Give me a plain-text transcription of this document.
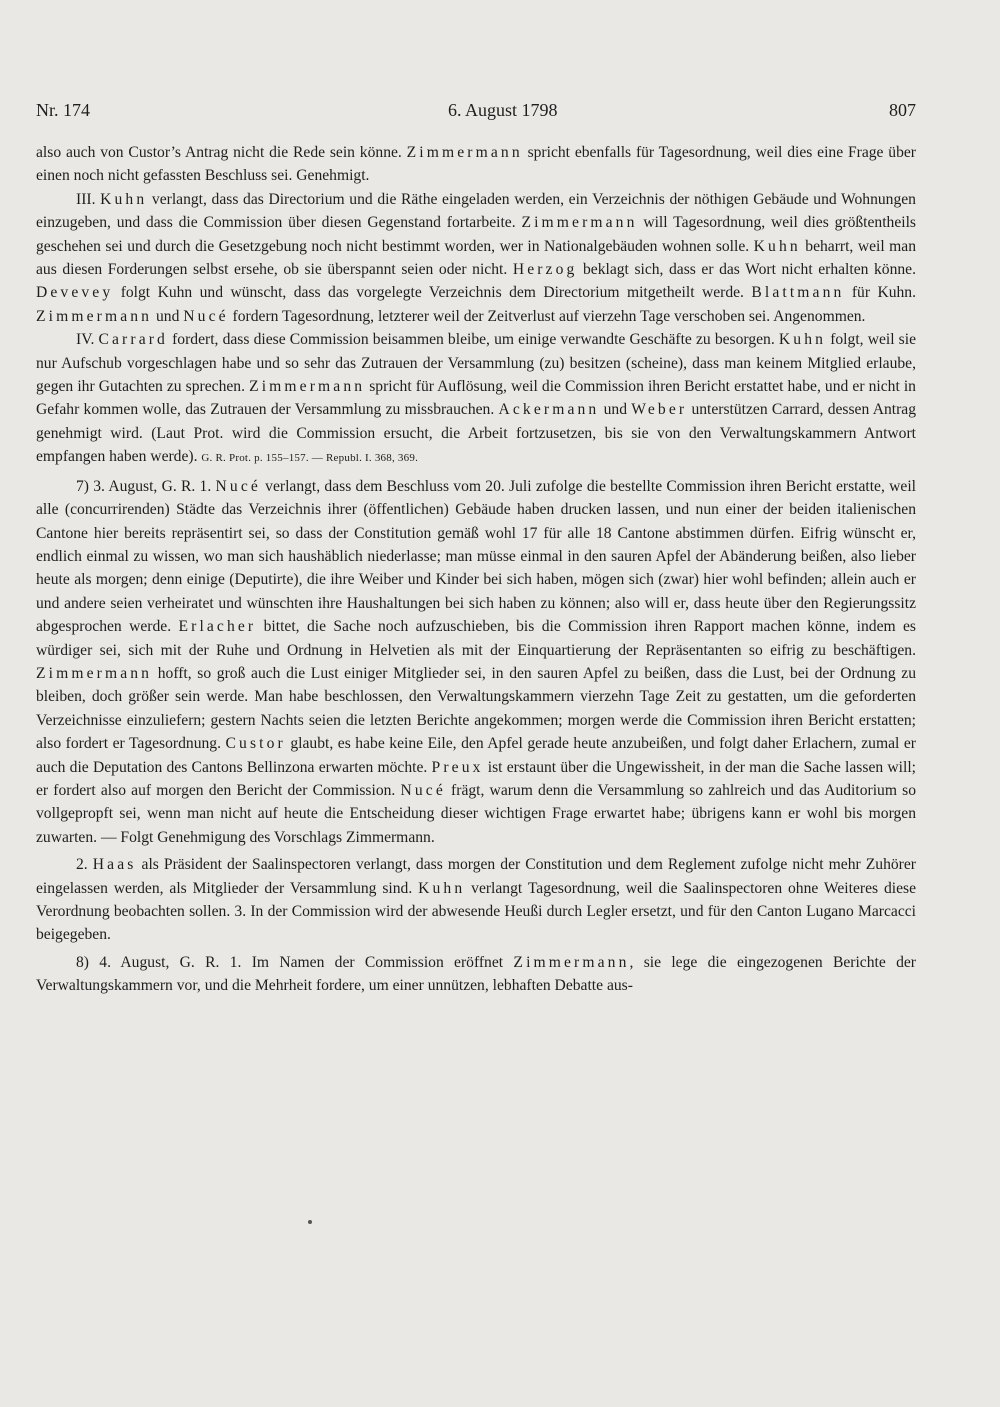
Nr. 174	6. August 1798	807

also auch von Custor’s Antrag nicht die Rede sein könne. Zimmermann spricht ebenfalls für Tagesordnung, weil dies eine Frage über einen noch nicht gefassten Beschluss sei. Genehmigt.

III. Kuhn verlangt, dass das Directorium und die Räthe eingeladen werden, ein Verzeichnis der nöthigen Gebäude und Wohnungen einzugeben, und dass die Commission über diesen Gegenstand fortarbeite. Zimmermann will Tagesordnung, weil dies größtentheils geschehen sei und durch die Gesetzgebung noch nicht bestimmt worden, wer in Nationalgebäuden wohnen solle. Kuhn beharrt, weil man aus diesen Forderungen selbst ersehe, ob sie überspannt seien oder nicht. Herzog beklagt sich, dass er das Wort nicht erhalten könne. Devevey folgt Kuhn und wünscht, dass das vorgelegte Verzeichnis dem Directorium mitgetheilt werde. Blattmann für Kuhn. Zimmermann und Nucé fordern Tagesordnung, letzterer weil der Zeitverlust auf vierzehn Tage verschoben sei. Angenommen.

IV. Carrard fordert, dass diese Commission beisammen bleibe, um einige verwandte Geschäfte zu besorgen. Kuhn folgt, weil sie nur Aufschub vorgeschlagen habe und so sehr das Zutrauen der Versammlung (zu) besitzen (scheine), dass man keinem Mitglied erlaube, gegen ihr Gutachten zu sprechen. Zimmermann spricht für Auflösung, weil die Commission ihren Bericht erstattet habe, und er nicht in Gefahr kommen wolle, das Zutrauen der Versammlung zu missbrauchen. Ackermann und Weber unterstützen Carrard, dessen Antrag genehmigt wird. (Laut Prot. wird die Commission ersucht, die Arbeit fortzusetzen, bis sie von den Verwaltungskammern Antwort empfangen haben werde). G. R. Prot. p. 155–157. — Republ. I. 368, 369.

7) 3. August, G. R. 1. Nucé verlangt, dass dem Beschluss vom 20. Juli zufolge die bestellte Commission ihren Bericht erstatte, weil alle (concurrirenden) Städte das Verzeichnis ihrer (öffentlichen) Gebäude haben drucken lassen, und nun einer der beiden italienischen Cantone hier bereits repräsentirt sei, so dass der Constitution gemäß wohl 17 für alle 18 Cantone abstimmen dürfen. Eifrig wünscht er, endlich einmal zu wissen, wo man sich haushäblich niederlasse; man müsse einmal in den sauren Apfel der Abänderung beißen, also lieber heute als morgen; denn einige (Deputirte), die ihre Weiber und Kinder bei sich haben, mögen sich (zwar) hier wohl befinden; allein auch er und andere seien verheiratet und wünschten ihre Haushaltungen bei sich haben zu können; also will er, dass heute über den Regierungssitz abgesprochen werde. Erlacher bittet, die Sache noch aufzuschieben, bis die Commission ihren Rapport machen könne, indem es würdiger sei, sich mit der Ruhe und Ordnung in Helvetien als mit der Einquartierung der Repräsentanten so eifrig zu beschäftigen. Zimmermann hofft, so groß auch die Lust einiger Mitglieder sei, in den sauren Apfel zu beißen, dass die Lust, bei der Ordnung zu bleiben, doch größer sein werde. Man habe beschlossen, den Verwaltungskammern vierzehn Tage Zeit zu gestatten, um die geforderten Verzeichnisse einzuliefern; gestern Nachts seien die letzten Berichte angekommen; morgen werde die Commission ihren Bericht erstatten; also fordert er Tagesordnung. Custor glaubt, es habe keine Eile, den Apfel gerade heute anzubeißen, und folgt daher Erlachern, zumal er auch die Deputation des Cantons Bellinzona erwarten möchte. Preux ist erstaunt über die Ungewissheit, in der man die Sache lassen will; er fordert also auf morgen den Bericht der Commission. Nucé frägt, warum denn die Versammlung so zahlreich und das Auditorium so vollgepropft sei, wenn man nicht auf heute die Entscheidung dieser wichtigen Frage erwartet habe; übrigens kann er wohl bis morgen zuwarten. — Folgt Genehmigung des Vorschlags Zimmermann.

2. Haas als Präsident der Saalinspectoren verlangt, dass morgen der Constitution und dem Reglement zufolge nicht mehr Zuhörer eingelassen werden, als Mitglieder der Versammlung sind. Kuhn verlangt Tagesordnung, weil die Saalinspectoren ohne Weiteres diese Verordnung beobachten sollen. 3. In der Commission wird der abwesende Heußi durch Legler ersetzt, und für den Canton Lugano Marcacci beigegeben.

8) 4. August, G. R. 1. Im Namen der Commission eröffnet Zimmermann, sie lege die eingezogenen Berichte der Verwaltungskammern vor, und die Mehrheit fordere, um einer unnützen, lebhaften Debatte aus-
